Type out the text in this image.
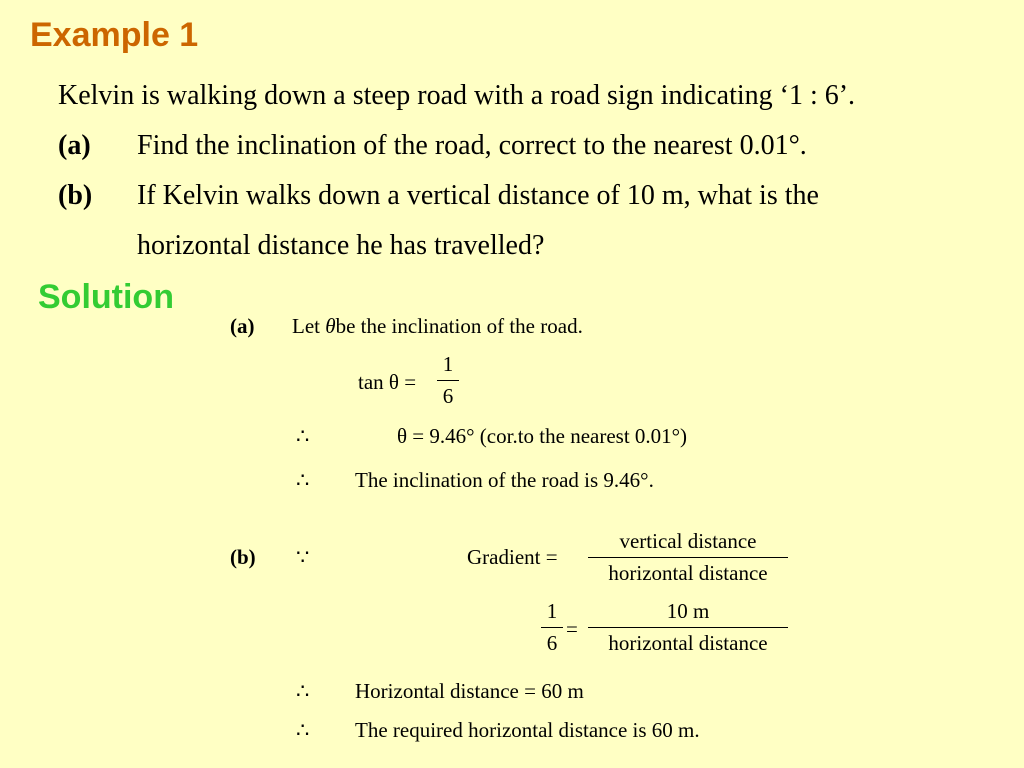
Example 1
Kelvin is walking down a steep road with a road sign indicating ‘1 : 6’.
(a) Find the inclination of the road, correct to the nearest 0.01°.
(b) If Kelvin walks down a vertical distance of 10 m, what is the
horizontal distance he has travelled?
Solution
(a) Let θbe the inclination of the road.
tan θ =
1
6
∴	θ = 9.46° (cor.to the nearest 0.01°)
∴ The inclination of the road is 9.46°.
(b) ∵	Gradient =
vertical distance
horizontal distance
1
6
=
10 m
horizontal distance
∴ Horizontal distance = 60 m
∴ The required horizontal distance is 60 m.
